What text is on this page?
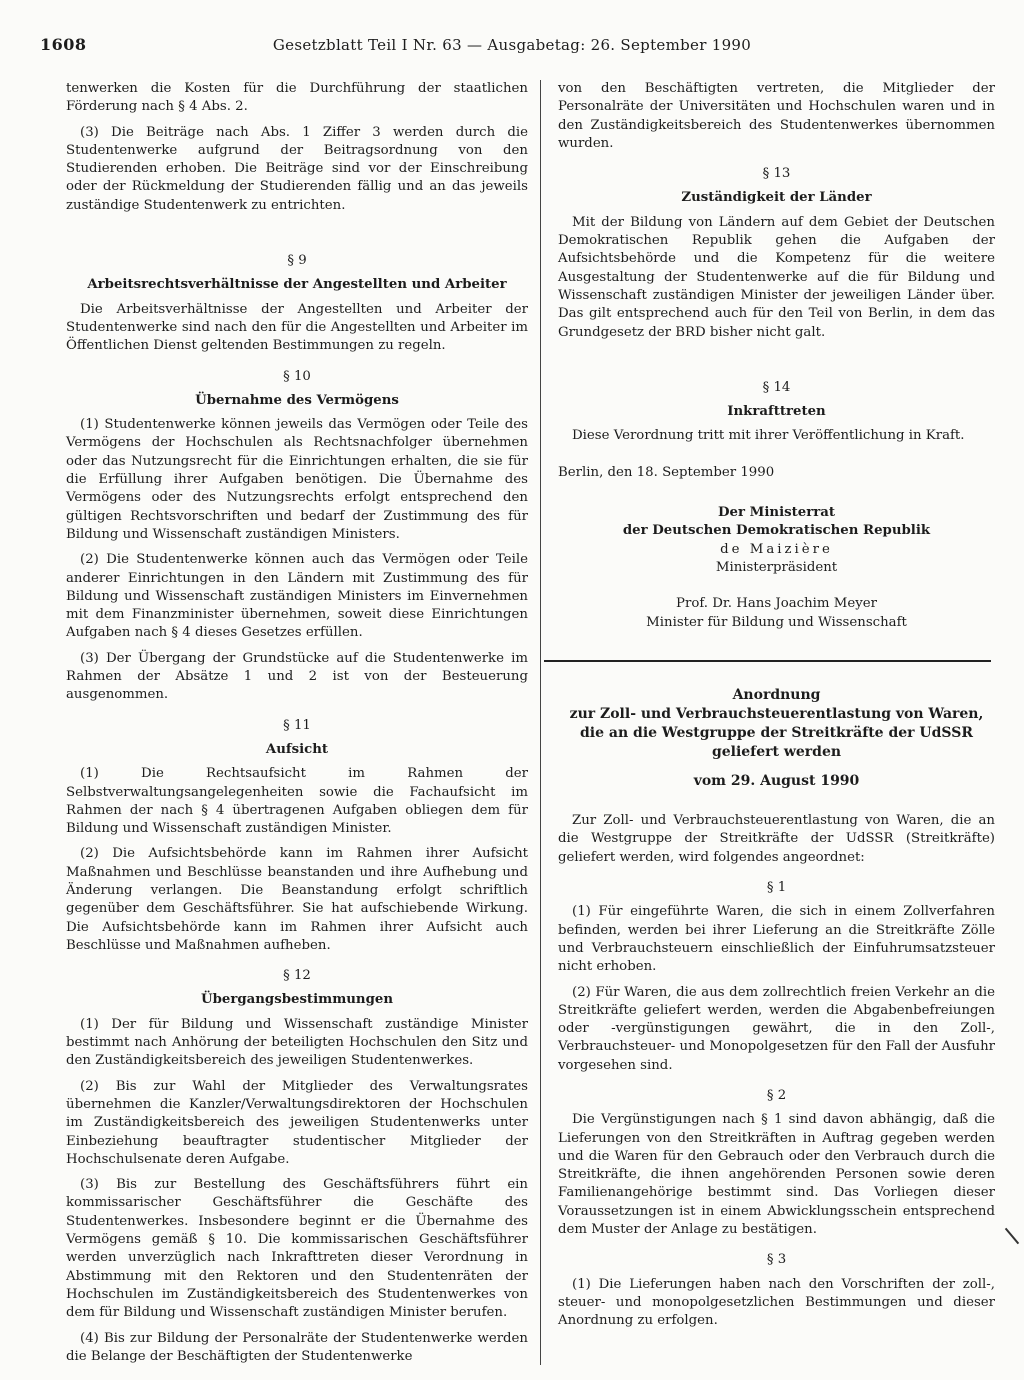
1608	Gesetzblatt Teil I Nr. 63 — Ausgabetag: 26. September 1990

tenwerken die Kosten für die Durchführung der staatlichen Förderung nach § 4 Abs. 2.

(3) Die Beiträge nach Abs. 1 Ziffer 3 werden durch die Studentenwerke aufgrund der Beitragsordnung von den Studierenden erhoben. Die Beiträge sind vor der Einschreibung oder der Rückmeldung der Studierenden fällig und an das jeweils zuständige Studentenwerk zu entrichten.

§ 9
Arbeitsrechtsverhältnisse der Angestellten und Arbeiter

Die Arbeitsverhältnisse der Angestellten und Arbeiter der Studentenwerke sind nach den für die Angestellten und Arbeiter im Öffentlichen Dienst geltenden Bestimmungen zu regeln.

§ 10
Übernahme des Vermögens

(1) Studentenwerke können jeweils das Vermögen oder Teile des Vermögens der Hochschulen als Rechtsnachfolger übernehmen oder das Nutzungsrecht für die Einrichtungen erhalten, die sie für die Erfüllung ihrer Aufgaben benötigen. Die Übernahme des Vermögens oder des Nutzungsrechts erfolgt entsprechend den gültigen Rechtsvorschriften und bedarf der Zustimmung des für Bildung und Wissenschaft zuständigen Ministers.

(2) Die Studentenwerke können auch das Vermögen oder Teile anderer Einrichtungen in den Ländern mit Zustimmung des für Bildung und Wissenschaft zuständigen Ministers im Einvernehmen mit dem Finanzminister übernehmen, soweit diese Einrichtungen Aufgaben nach § 4 dieses Gesetzes erfüllen.

(3) Der Übergang der Grundstücke auf die Studentenwerke im Rahmen der Absätze 1 und 2 ist von der Besteuerung ausgenommen.

§ 11
Aufsicht

(1) Die Rechtsaufsicht im Rahmen der Selbstverwaltungsangelegenheiten sowie die Fachaufsicht im Rahmen der nach § 4 übertragenen Aufgaben obliegen dem für Bildung und Wissenschaft zuständigen Minister.

(2) Die Aufsichtsbehörde kann im Rahmen ihrer Aufsicht Maßnahmen und Beschlüsse beanstanden und ihre Aufhebung und Änderung verlangen. Die Beanstandung erfolgt schriftlich gegenüber dem Geschäftsführer. Sie hat aufschiebende Wirkung. Die Aufsichtsbehörde kann im Rahmen ihrer Aufsicht auch Beschlüsse und Maßnahmen aufheben.

§ 12
Übergangsbestimmungen

(1) Der für Bildung und Wissenschaft zuständige Minister bestimmt nach Anhörung der beteiligten Hochschulen den Sitz und den Zuständigkeitsbereich des jeweiligen Studentenwerkes.

(2) Bis zur Wahl der Mitglieder des Verwaltungsrates übernehmen die Kanzler/Verwaltungsdirektoren der Hochschulen im Zuständigkeitsbereich des jeweiligen Studentenwerks unter Einbeziehung beauftragter studentischer Mitglieder der Hochschulsenate deren Aufgabe.

(3) Bis zur Bestellung des Geschäftsführers führt ein kommissarischer Geschäftsführer die Geschäfte des Studentenwerkes. Insbesondere beginnt er die Übernahme des Vermögens gemäß § 10. Die kommissarischen Geschäftsführer werden unverzüglich nach Inkrafttreten dieser Verordnung in Abstimmung mit den Rektoren und den Studentenräten der Hochschulen im Zuständigkeitsbereich des Studentenwerkes von dem für Bildung und Wissenschaft zuständigen Minister berufen.

(4) Bis zur Bildung der Personalräte der Studentenwerke werden die Belange der Beschäftigten der Studentenwerke

von den Beschäftigten vertreten, die Mitglieder der Personalräte der Universitäten und Hochschulen waren und in den Zuständigkeitsbereich des Studentenwerkes übernommen wurden.

§ 13
Zuständigkeit der Länder

Mit der Bildung von Ländern auf dem Gebiet der Deutschen Demokratischen Republik gehen die Aufgaben der Aufsichtsbehörde und die Kompetenz für die weitere Ausgestaltung der Studentenwerke auf die für Bildung und Wissenschaft zuständigen Minister der jeweiligen Länder über. Das gilt entsprechend auch für den Teil von Berlin, in dem das Grundgesetz der BRD bisher nicht galt.

§ 14
Inkrafttreten

Diese Verordnung tritt mit ihrer Veröffentlichung in Kraft.

Berlin, den 18. September 1990

Der Ministerrat
der Deutschen Demokratischen Republik
de Maizière
Ministerpräsident
Prof. Dr. Hans Joachim Meyer
Minister für Bildung und Wissenschaft
Anordnung
zur Zoll- und Verbrauchsteuerentlastung von Waren,
die an die Westgruppe der Streitkräfte der UdSSR
geliefert werden
vom 29. August 1990

Zur Zoll- und Verbrauchsteuerentlastung von Waren, die an die Westgruppe der Streitkräfte der UdSSR (Streitkräfte) geliefert werden, wird folgendes angeordnet:

§ 1

(1) Für eingeführte Waren, die sich in einem Zollverfahren befinden, werden bei ihrer Lieferung an die Streitkräfte Zölle und Verbrauchsteuern einschließlich der Einfuhrumsatzsteuer nicht erhoben.

(2) Für Waren, die aus dem zollrechtlich freien Verkehr an die Streitkräfte geliefert werden, werden die Abgabenbefreiungen oder -vergünstigungen gewährt, die in den Zoll-, Verbrauchsteuer- und Monopolgesetzen für den Fall der Ausfuhr vorgesehen sind.

§ 2

Die Vergünstigungen nach § 1 sind davon abhängig, daß die Lieferungen von den Streitkräften in Auftrag gegeben werden und die Waren für den Gebrauch oder den Verbrauch durch die Streitkräfte, die ihnen angehörenden Personen sowie deren Familienangehörige bestimmt sind. Das Vorliegen dieser Voraussetzungen ist in einem Abwicklungsschein entsprechend dem Muster der Anlage zu bestätigen.

§ 3

(1) Die Lieferungen haben nach den Vorschriften der zoll-, steuer- und monopolgesetzlichen Bestimmungen und dieser Anordnung zu erfolgen.
